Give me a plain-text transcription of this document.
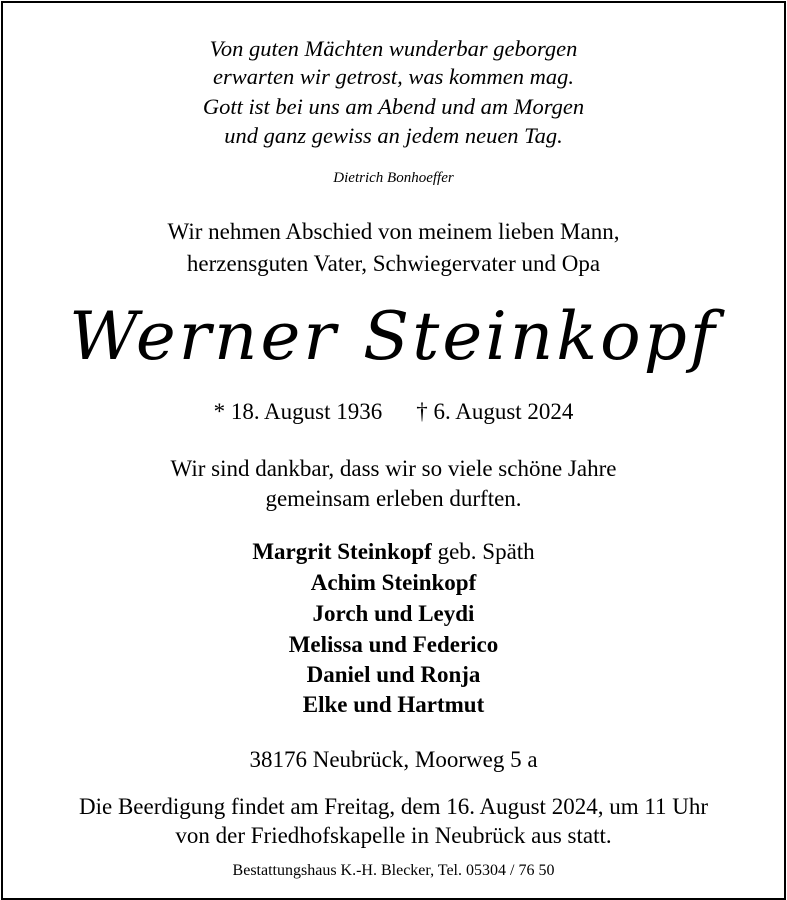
Von guten Mächten wunderbar geborgen
erwarten wir getrost, was kommen mag.
Gott ist bei uns am Abend und am Morgen
und ganz gewiss an jedem neuen Tag.
Dietrich Bonhoeffer
Wir nehmen Abschied von meinem lieben Mann,
herzensguten Vater, Schwiegervater und Opa
Werner Steinkopf
* 18. August 1936 † 6. August 2024
Wir sind dankbar, dass wir so viele schöne Jahre
gemeinsam erleben durften.
Margrit Steinkopf geb. Späth
Achim Steinkopf
Jorch und Leydi
Melissa und Federico
Daniel und Ronja
Elke und Hartmut
38176 Neubrück, Moorweg 5 a
Die Beerdigung findet am Freitag, dem 16. August 2024, um 11 Uhr
von der Friedhofskapelle in Neubrück aus statt.
Bestattungshaus K.-H. Blecker, Tel. 05304 / 76 50
